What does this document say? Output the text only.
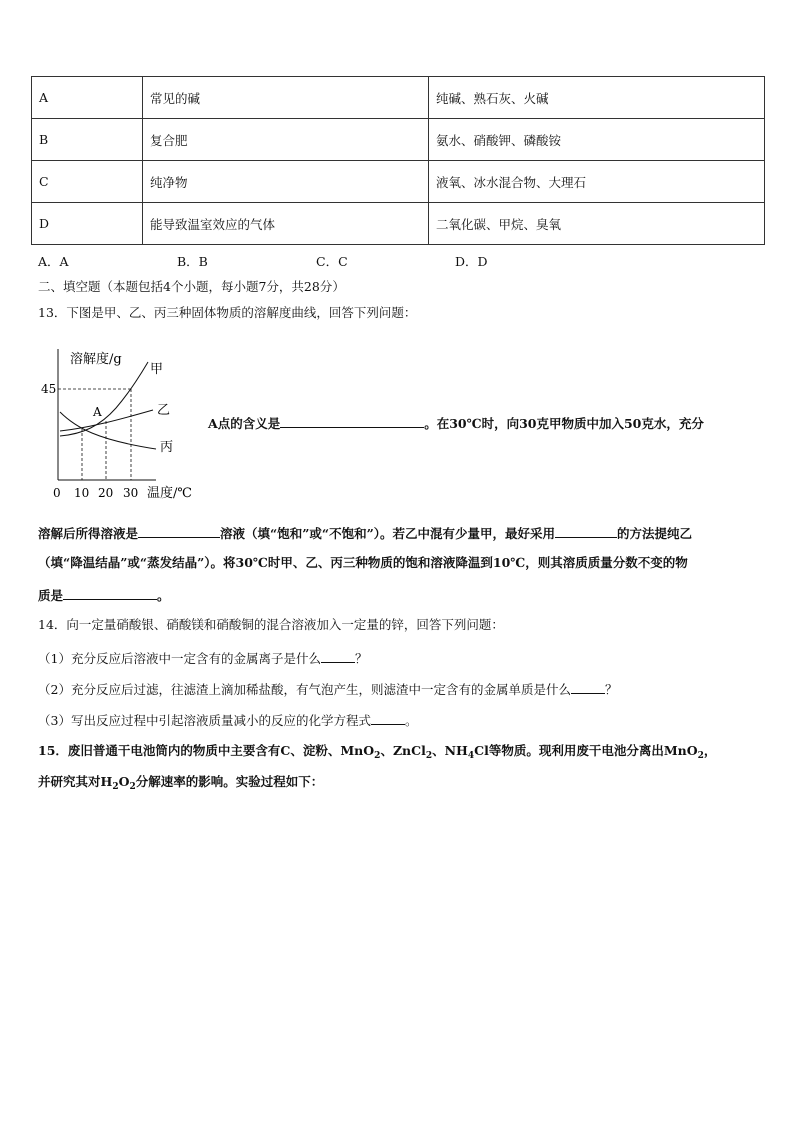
A	常见的碱	纯碱、熟石灰、火碱
B	复合肥	氨水、硝酸钾、磷酸铵
C	纯净物	液氧、冰水混合物、大理石
D	能导致温室效应的气体	二氧化碳、甲烷、臭氧
A．A	B．B	C．C	D．D
二、填空题（本题包括4个小题，每小题7分，共28分）
13．下图是甲、乙、丙三种固体物质的溶解度曲线，回答下列问题：
溶解度/g
45
A
甲
乙
丙
0 10 20 30 温度/℃
A点的含义是	。在30℃时，向30克甲物质中加入50克水，充分
溶解后所得溶液是	溶液（填“饱和”或“不饱和”）。若乙中混有少量甲，最好采用	的方法提纯乙
（填“降温结晶”或“蒸发结晶”）。将30℃时甲、乙、丙三种物质的饱和溶液降温到10℃，则其溶质质量分数不变的物
质是	。
14．向一定量硝酸银、硝酸镁和硝酸铜的混合溶液加入一定量的锌，回答下列问题：
（1）充分反应后溶液中一定含有的金属离子是什么	？
（2）充分反应后过滤，往滤渣上滴加稀盐酸，有气泡产生，则滤渣中一定含有的金属单质是什么	？
（3）写出反应过程中引起溶液质量减小的反应的化学方程式	。
15．废旧普通干电池筒内的物质中主要含有C、淀粉、MnO$_2$、ZnCl$_2$、$NH_4Cl$等物质。现利用废干电池分离出MnO$_2$，
并研究其对$H_2O_2$分解速率的影响。实验过程如下：
